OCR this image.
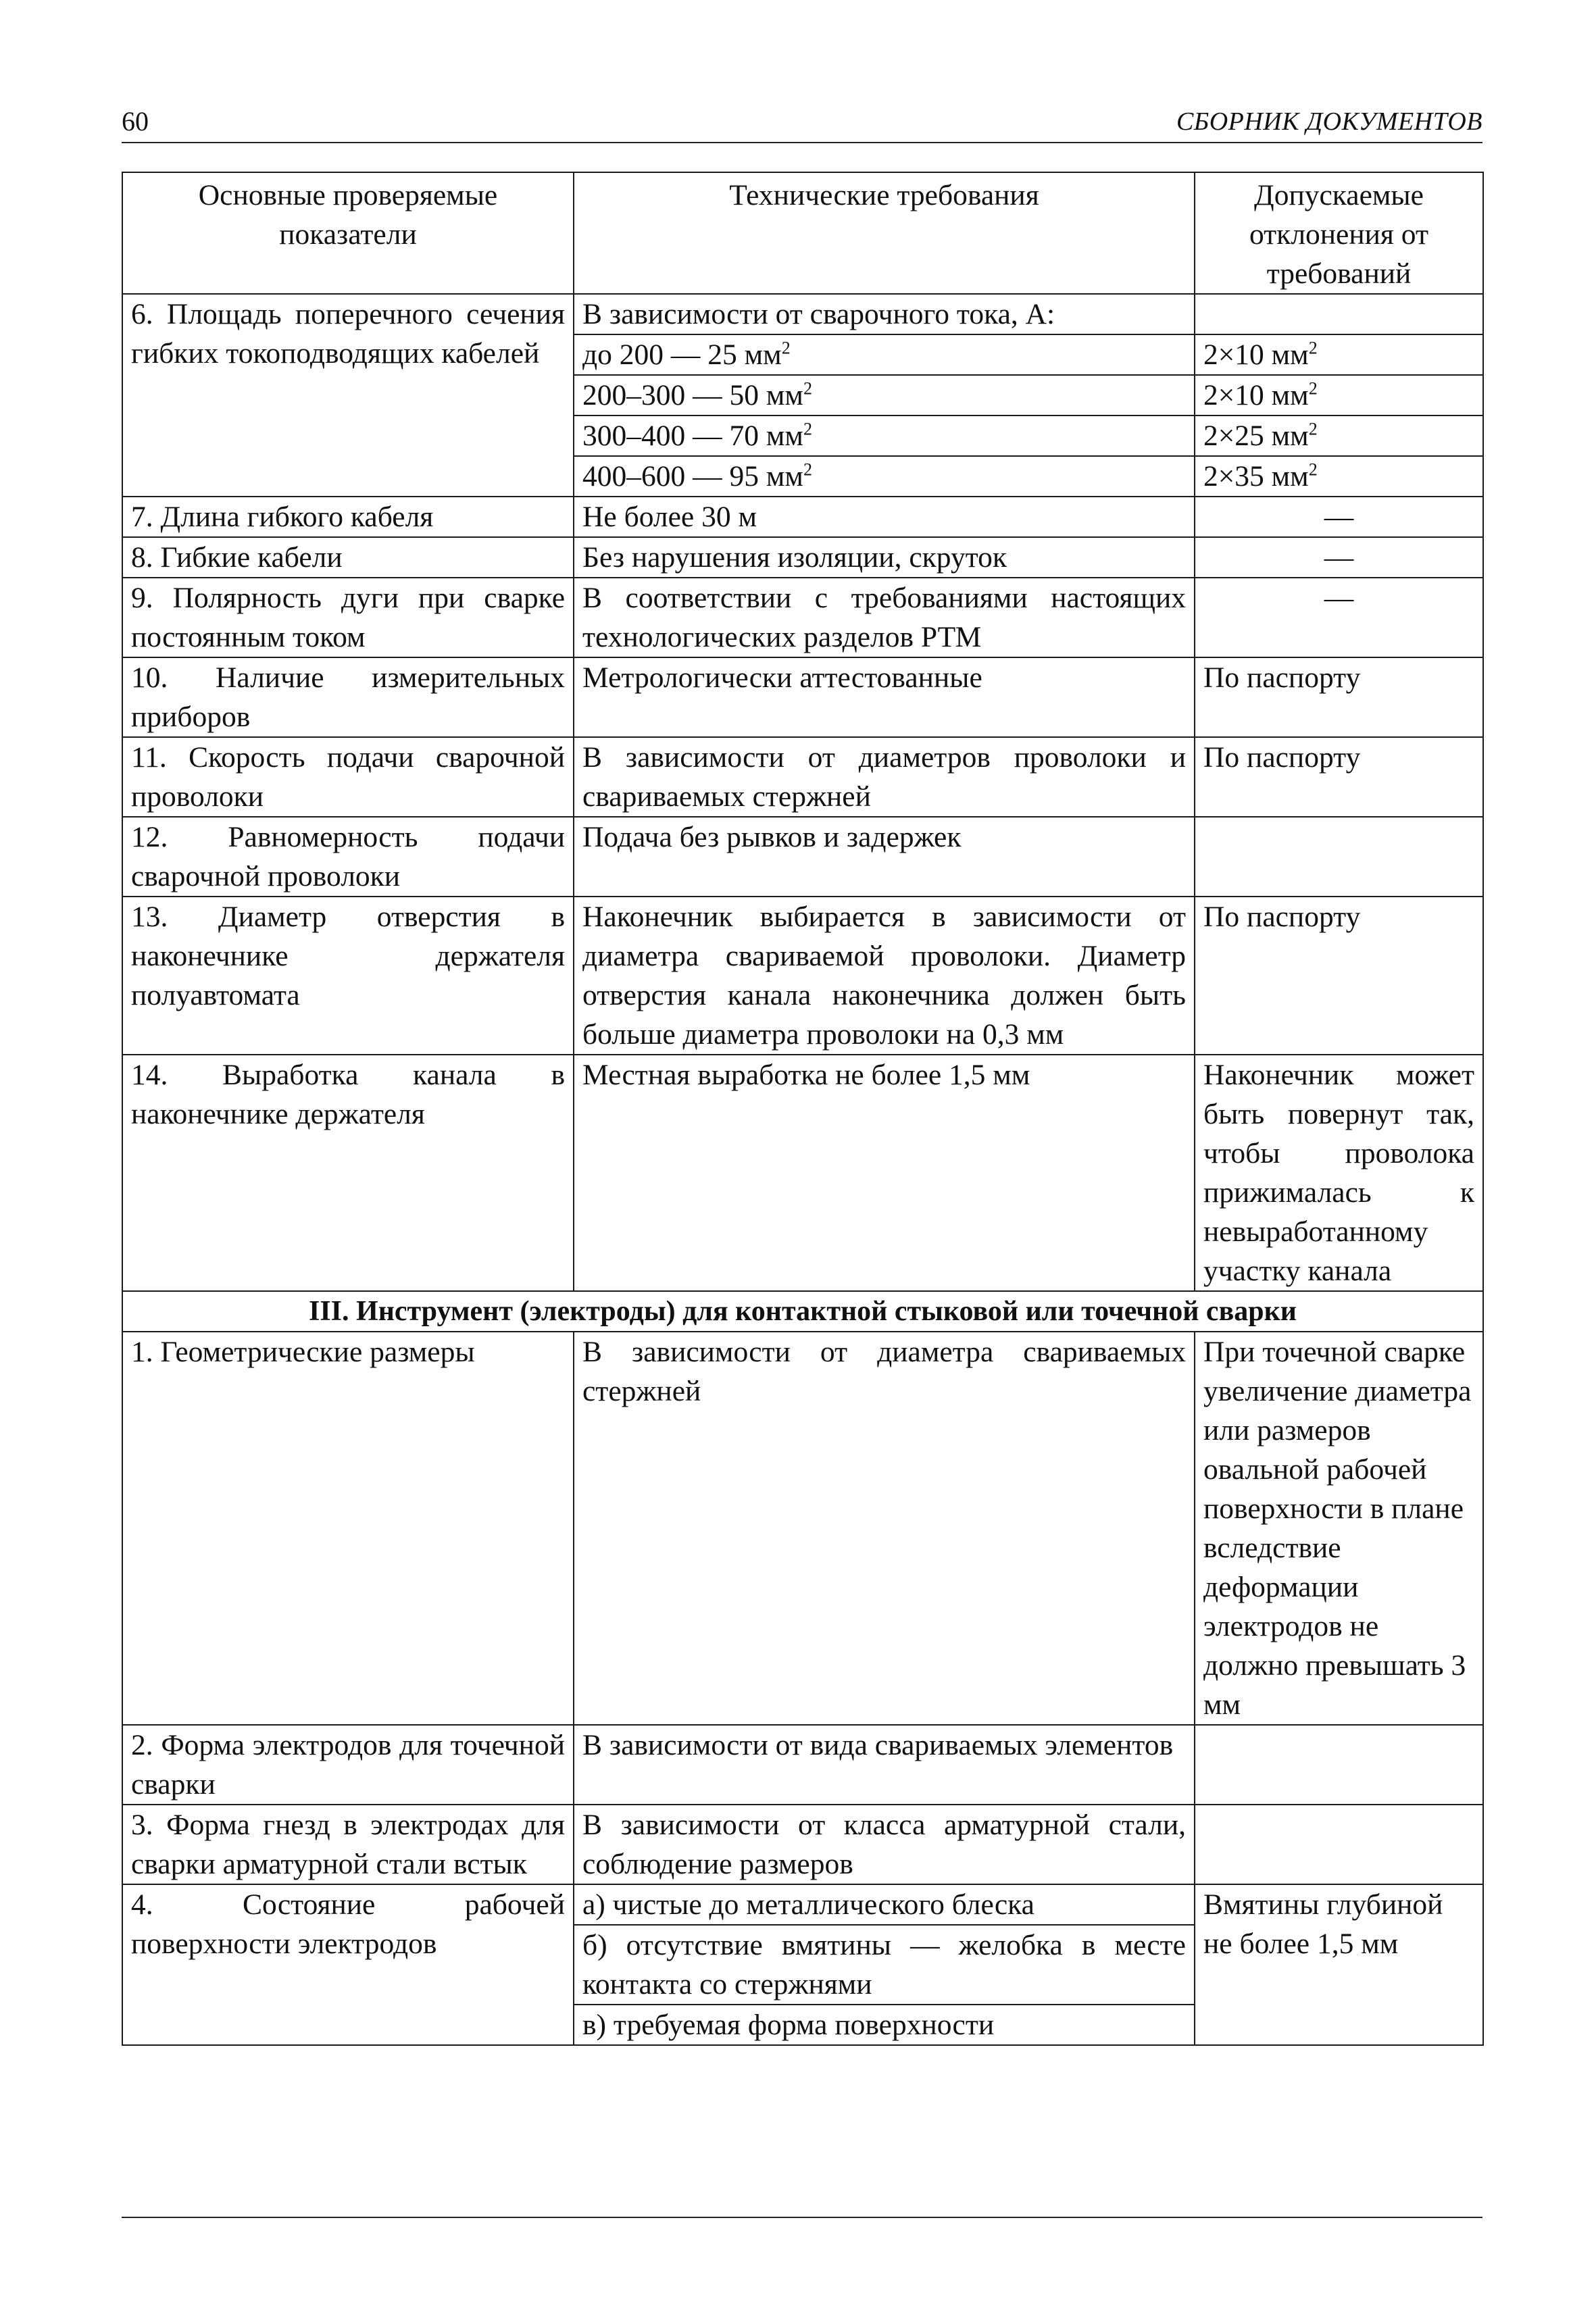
60	СБОРНИК ДОКУМЕНТОВ
Основные проверяемые показатели	Технические требования	Допускаемые отклонения от требований
6. Площадь поперечного сечения гибких токоподводящих кабелей	В зависимости от сварочного тока, А:	
	до 200 — 25 $мм^2$	2×10 $мм^2$
	200–300 — 50 $мм^2$	2×10 $мм^2$
	300–400 — 70 $мм^2$	2×25 $мм^2$
	400–600 — 95 $мм^2$	2×35 $мм^2$
7. Длина гибкого кабеля	Не более 30 м	—
8. Гибкие кабели	Без нарушения изоляции, скруток	—
9. Полярность дуги при сварке постоянным током	В соответствии с требованиями настоящих технологических разделов РТМ	—
10. Наличие измерительных приборов	Метрологически аттестованные	По паспорту
11. Скорость подачи сварочной проволоки	В зависимости от диаметров проволоки и свариваемых стержней	По паспорту
12. Равномерность подачи сварочной проволоки	Подача без рывков и задержек	
13. Диаметр отверстия в наконечнике держателя полуавтомата	Наконечник выбирается в зависимости от диаметра свариваемой проволоки. Диаметр отверстия канала наконечника должен быть больше диаметра проволоки на 0,3 мм	По паспорту
14. Выработка канала в наконечнике держателя	Местная выработка не более 1,5 мм	Наконечник может быть повернут так, чтобы проволока прижималась к невыработанному участку канала
III. Инструмент (электроды) для контактной стыковой или точечной сварки		
1. Геометрические размеры	В зависимости от диаметра свариваемых стержней	При точечной сварке увеличение диаметра или размеров овальной рабочей поверхности в плане вследствие деформации электродов не должно превышать 3 мм
2. Форма электродов для точечной сварки	В зависимости от вида свариваемых элементов	
3. Форма гнезд в электродах для сварки арматурной стали встык	В зависимости от класса арматурной стали, соблюдение размеров	
4. Состояние рабочей поверхности электродов	а) чистые до металлического блеска	Вмятины глубиной не более 1,5 мм
	б) отсутствие вмятины — желобка в месте контакта со стержнями	
	в) требуемая форма поверхности	
